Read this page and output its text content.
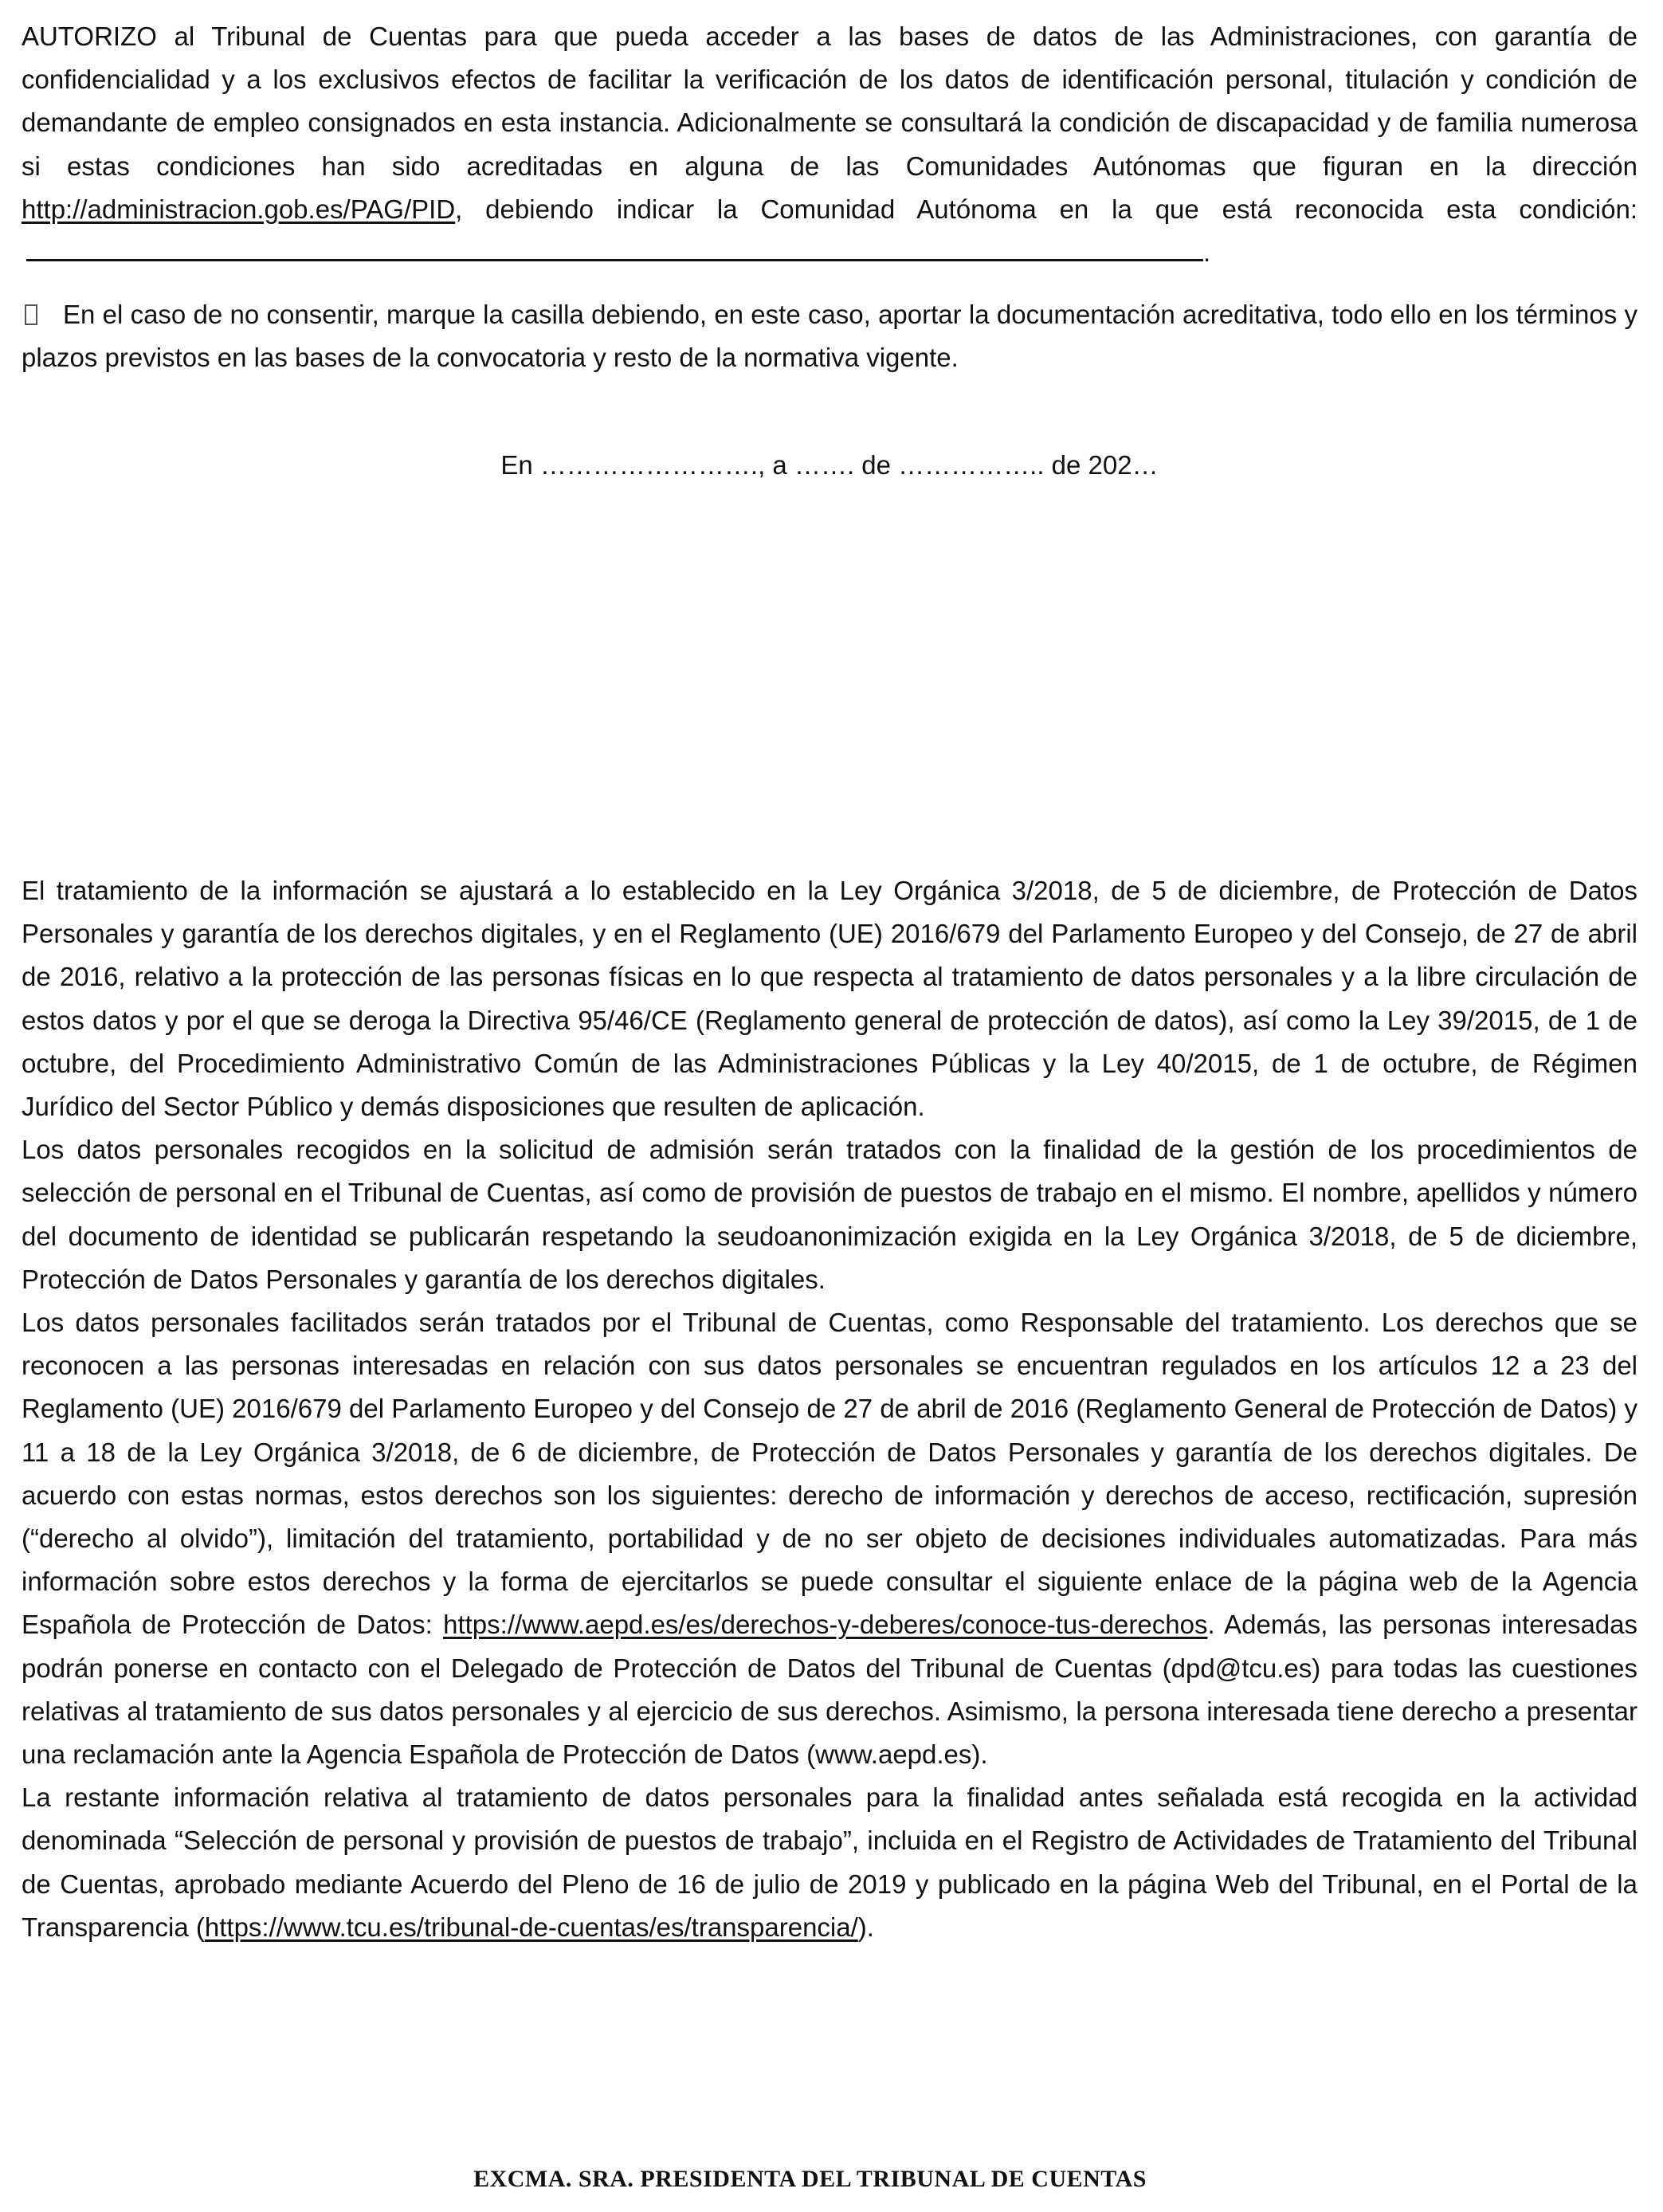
AUTORIZO al Tribunal de Cuentas para que pueda acceder a las bases de datos de las Administraciones, con garantía de confidencialidad y a los exclusivos efectos de facilitar la verificación de los datos de identificación personal, titulación y condición de demandante de empleo consignados en esta instancia. Adicionalmente se consultará la condición de discapacidad y de familia numerosa si estas condiciones han sido acreditadas en alguna de las Comunidades Autónomas que figuran en la dirección http://administracion.gob.es/PAG/PID, debiendo indicar la Comunidad Autónoma en la que está reconocida esta condición:.

En el caso de no consentir, marque la casilla debiendo, en este caso, aportar la documentación acreditativa, todo ello en los términos y plazos previstos en las bases de la convocatoria y resto de la normativa vigente.

En ……………………., a ……. de …………….. de 202…

El tratamiento de la información se ajustará a lo establecido en la Ley Orgánica 3/2018, de 5 de diciembre, de Protección de Datos Personales y garantía de los derechos digitales, y en el Reglamento (UE) 2016/679 del Parlamento Europeo y del Consejo, de 27 de abril de 2016, relativo a la protección de las personas físicas en lo que respecta al tratamiento de datos personales y a la libre circulación de estos datos y por el que se deroga la Directiva 95/46/CE (Reglamento general de protección de datos), así como la Ley 39/2015, de 1 de octubre, del Procedimiento Administrativo Común de las Administraciones Públicas y la Ley 40/2015, de 1 de octubre, de Régimen Jurídico del Sector Público y demás disposiciones que resulten de aplicación.

Los datos personales recogidos en la solicitud de admisión serán tratados con la finalidad de la gestión de los procedimientos de selección de personal en el Tribunal de Cuentas, así como de provisión de puestos de trabajo en el mismo. El nombre, apellidos y número del documento de identidad se publicarán respetando la seudoanonimización exigida en la Ley Orgánica 3/2018, de 5 de diciembre, Protección de Datos Personales y garantía de los derechos digitales.

Los datos personales facilitados serán tratados por el Tribunal de Cuentas, como Responsable del tratamiento. Los derechos que se reconocen a las personas interesadas en relación con sus datos personales se encuentran regulados en los artículos 12 a 23 del Reglamento (UE) 2016/679 del Parlamento Europeo y del Consejo de 27 de abril de 2016 (Reglamento General de Protección de Datos) y 11 a 18 de la Ley Orgánica 3/2018, de 6 de diciembre, de Protección de Datos Personales y garantía de los derechos digitales. De acuerdo con estas normas, estos derechos son los siguientes: derecho de información y derechos de acceso, rectificación, supresión (“derecho al olvido”), limitación del tratamiento, portabilidad y de no ser objeto de decisiones individuales automatizadas. Para más información sobre estos derechos y la forma de ejercitarlos se puede consultar el siguiente enlace de la página web de la Agencia Española de Protección de Datos: https://www.aepd.es/es/derechos-y-deberes/conoce-tus-derechos. Además, las personas interesadas podrán ponerse en contacto con el Delegado de Protección de Datos del Tribunal de Cuentas (dpd@tcu.es) para todas las cuestiones relativas al tratamiento de sus datos personales y al ejercicio de sus derechos. Asimismo, la persona interesada tiene derecho a presentar una reclamación ante la Agencia Española de Protección de Datos (www.aepd.es).

La restante información relativa al tratamiento de datos personales para la finalidad antes señalada está recogida en la actividad denominada “Selección de personal y provisión de puestos de trabajo”, incluida en el Registro de Actividades de Tratamiento del Tribunal de Cuentas, aprobado mediante Acuerdo del Pleno de 16 de julio de 2019 y publicado en la página Web del Tribunal, en el Portal de la Transparencia (https://www.tcu.es/tribunal-de-cuentas/es/transparencia/).

EXCMA. SRA. PRESIDENTA DEL TRIBUNAL DE CUENTAS
